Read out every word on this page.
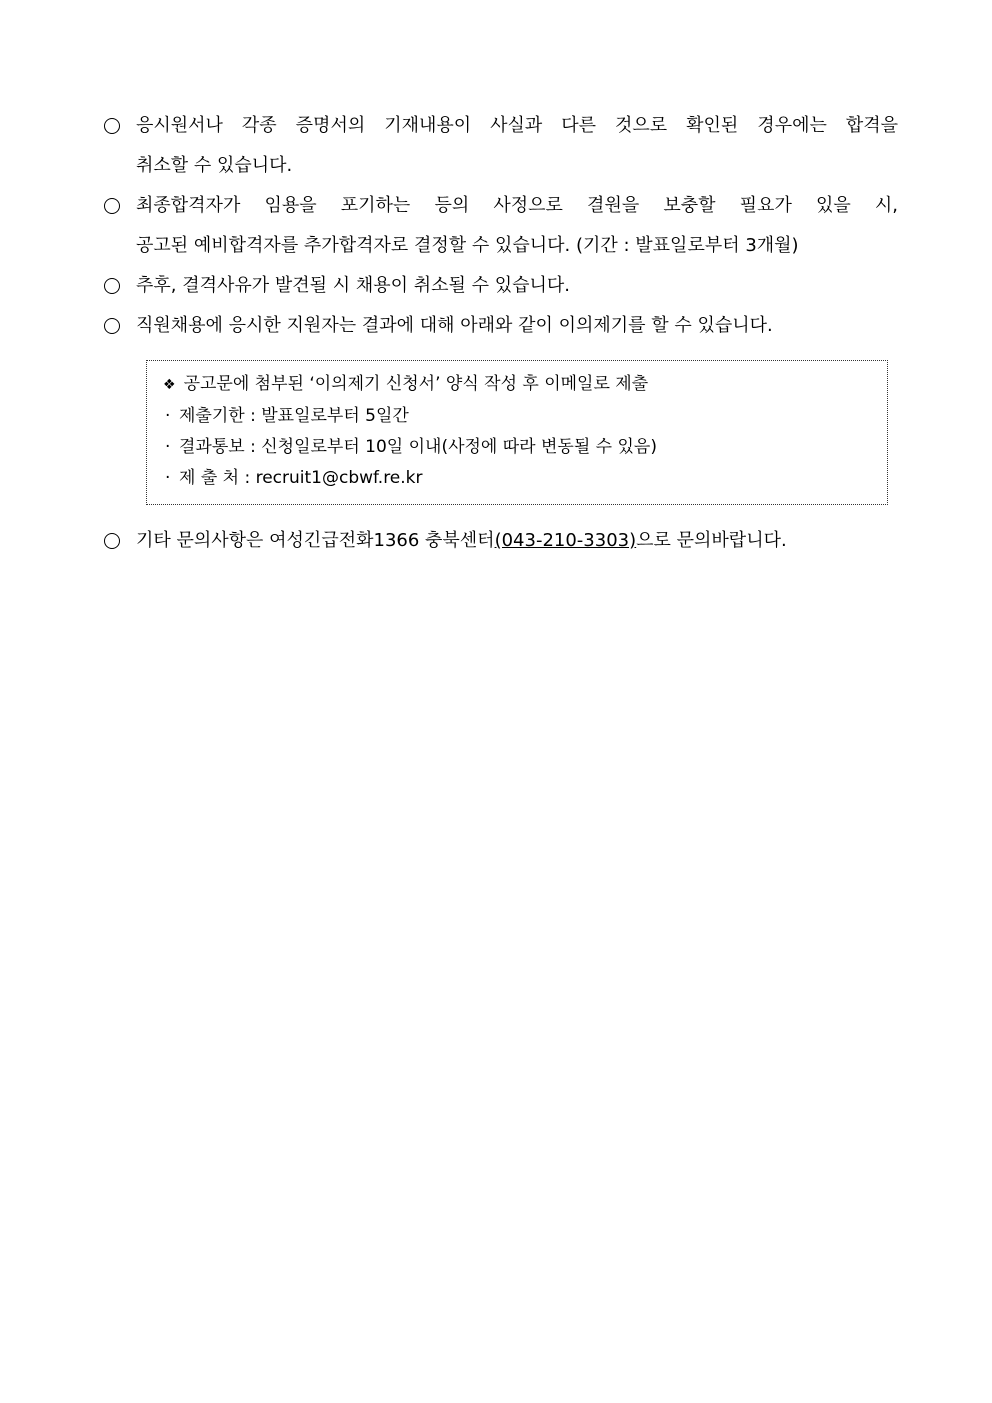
응시원서나 각종 증명서의 기재내용이 사실과 다른 것으로 확인된 경우에는 합격을
취소할 수 있습니다.
최종합격자가 임용을 포기하는 등의 사정으로 결원을 보충할 필요가 있을 시,
공고된 예비합격자를 추가합격자로 결정할 수 있습니다. (기간 : 발표일로부터 3개월)
추후, 결격사유가 발견될 시 채용이 취소될 수 있습니다.
직원채용에 응시한 지원자는 결과에 대해 아래와 같이 이의제기를 할 수 있습니다.
❖ 공고문에 첨부된 ‘이의제기 신청서’ 양식 작성 후 이메일로 제출
· 제출기한 : 발표일로부터 5일간
· 결과통보 : 신청일로부터 10일 이내(사정에 따라 변동될 수 있음)
· 제 출 처 : recruit1@cbwf.re.kr
기타 문의사항은 여성긴급전화1366 충북센터(043-210-3303)으로 문의바랍니다.
